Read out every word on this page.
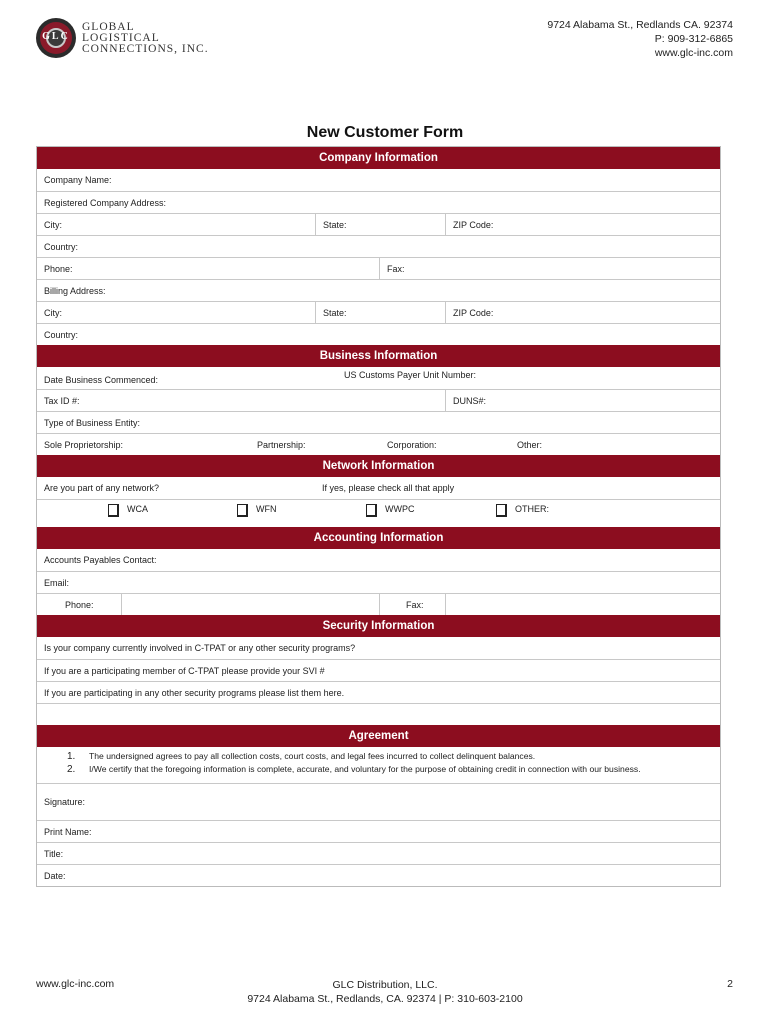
GLC
GLOBAL
LOGISTICAL
CONNECTIONS, INC.
9724 Alabama St., Redlands CA. 92374
P: 909-312-6865
www.glc-inc.com
New Customer Form
Company Information
Company Name:
Registered Company Address:
City:	State:	ZIP Code:
Country:
Phone:	Fax:
Billing Address:
City:	State:	ZIP Code:
Country:
Business Information
Date Business Commenced:	US Customs Payer Unit Number:
Tax ID #:	DUNS#:
Type of Business Entity:
Sole Proprietorship:	Partnership:	Corporation:	Other:
Network Information
Are you part of any network?	If yes, please check all that apply
WCA	WFN	WWPC	OTHER:
Accounting Information
Accounts Payables Contact:
Email:
Phone:	Fax:
Security Information
Is your company currently involved in C-TPAT or any other security programs?
If you are a participating member of C-TPAT please provide your SVI #
If you are participating in any other security programs please list them here.
Agreement
1.	The undersigned agrees to pay all collection costs, court costs, and legal fees incurred to collect delinquent balances.
2.	I/We certify that the foregoing information is complete, accurate, and voluntary for the purpose of obtaining credit in connection with our business.
Signature:
Print Name:
Title:
Date:
www.glc-inc.com	GLC Distribution, LLC.
9724 Alabama St., Redlands, CA. 92374 | P: 310-603-2100
2
